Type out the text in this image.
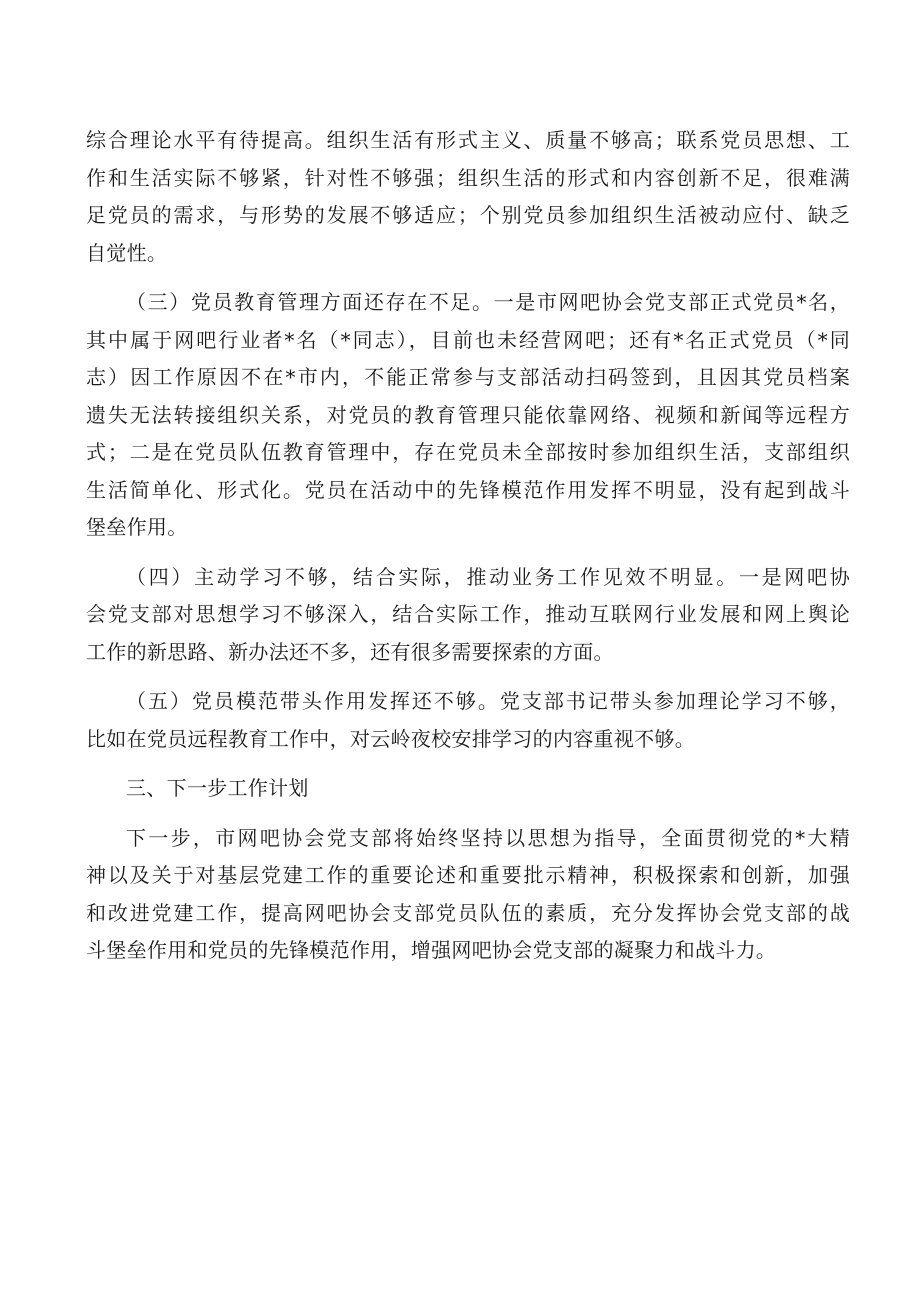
综合理论水平有待提高。组织生活有形式主义、质量不够高；联系党员思想、工
作和生活实际不够紧，针对性不够强；组织生活的形式和内容创新不足，很难满
足党员的需求，与形势的发展不够适应；个别党员参加组织生活被动应付、缺乏
自觉性。

（三）党员教育管理方面还存在不足。一是市网吧协会党支部正式党员*名，
其中属于网吧行业者*名（*同志），目前也未经营网吧；还有*名正式党员（*同
志）因工作原因不在*市内，不能正常参与支部活动扫码签到，且因其党员档案
遗失无法转接组织关系，对党员的教育管理只能依靠网络、视频和新闻等远程方
式；二是在党员队伍教育管理中，存在党员未全部按时参加组织生活，支部组织
生活简单化、形式化。党员在活动中的先锋模范作用发挥不明显，没有起到战斗
堡垒作用。

（四）主动学习不够，结合实际，推动业务工作见效不明显。一是网吧协
会党支部对思想学习不够深入，结合实际工作，推动互联网行业发展和网上舆论
工作的新思路、新办法还不多，还有很多需要探索的方面。

（五）党员模范带头作用发挥还不够。党支部书记带头参加理论学习不够，
比如在党员远程教育工作中，对云岭夜校安排学习的内容重视不够。

三、下一步工作计划

下一步，市网吧协会党支部将始终坚持以思想为指导，全面贯彻党的*大精
神以及关于对基层党建工作的重要论述和重要批示精神，积极探索和创新，加强
和改进党建工作，提高网吧协会支部党员队伍的素质，充分发挥协会党支部的战
斗堡垒作用和党员的先锋模范作用，增强网吧协会党支部的凝聚力和战斗力。
